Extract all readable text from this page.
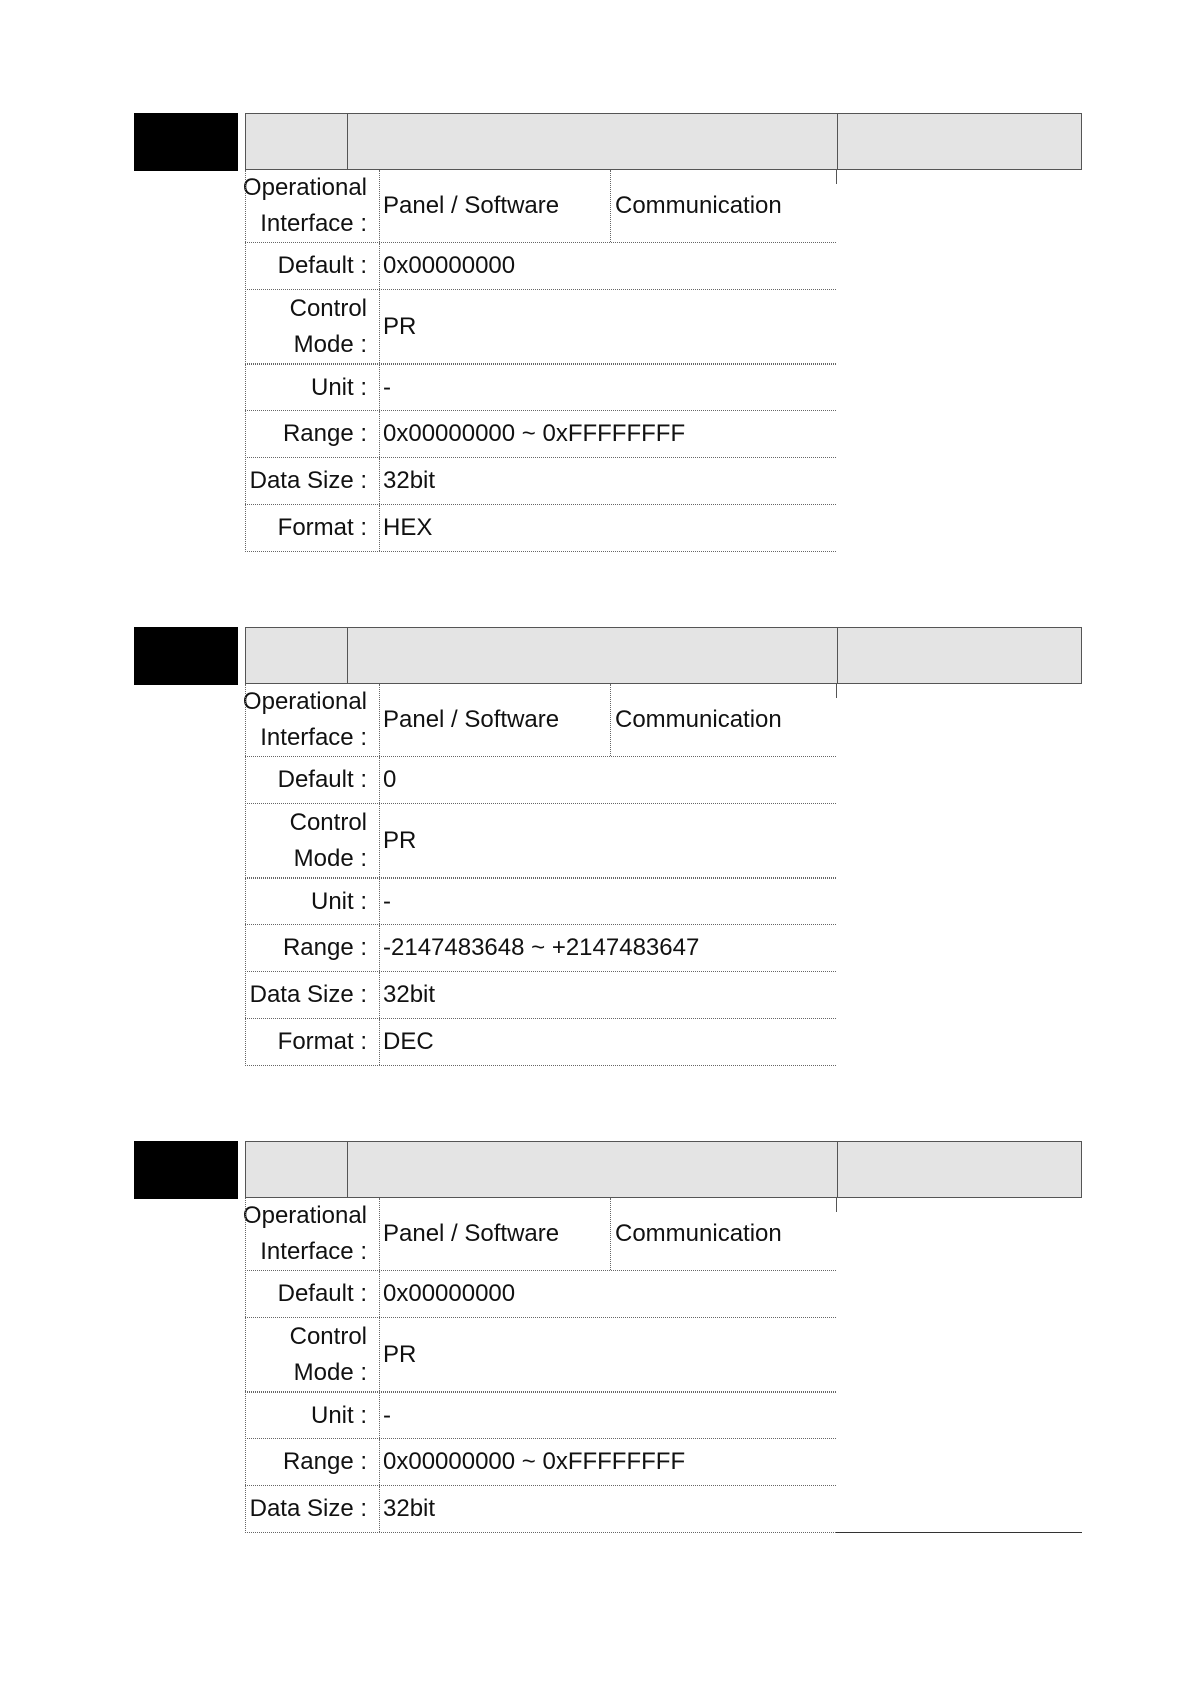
Operational
Interface :
Panel / Software Communication
Default : 0x00000000
Control
Mode :
PR
Unit : -
Range : 0x00000000 ~ 0xFFFFFFFF
Data Size : 32bit
Format : HEX
Operational
Interface :
Panel / Software Communication
Default : 0
Control
Mode :
PR
Unit : -
Range : -2147483648 ~ +2147483647
Data Size : 32bit
Format : DEC
Operational
Interface :
Panel / Software Communication
Default : 0x00000000
Control
Mode :
PR
Unit : -
Range : 0x00000000 ~ 0xFFFFFFFF
Data Size : 32bit
